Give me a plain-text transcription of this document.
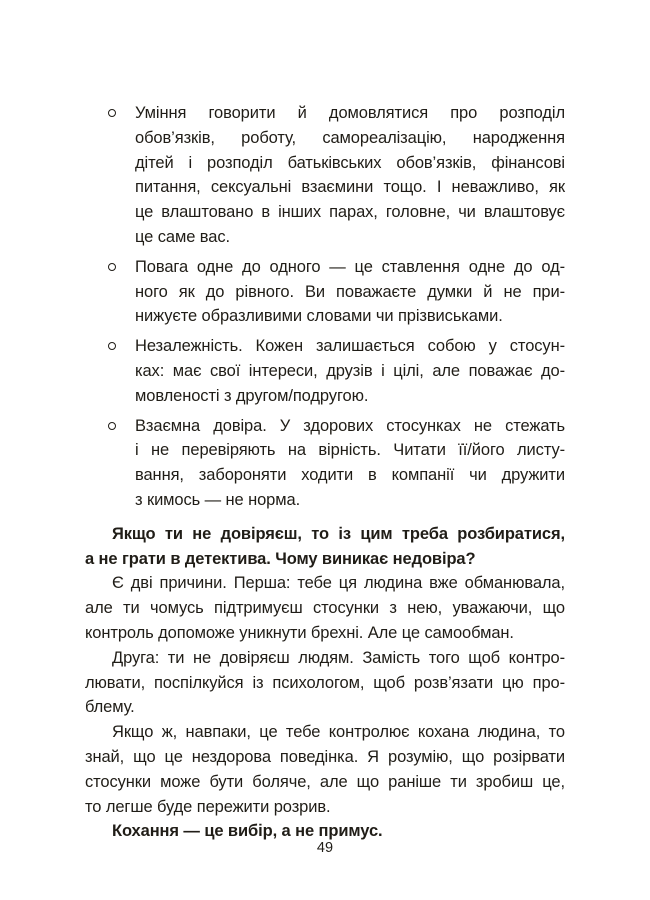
Уміння говорити й домовлятися про розподіл
обов’язків, роботу, самореалізацію, народження
дітей і розподіл батьківських обов’язків, фінансові
питання, сексуальні взаємини тощо. І неважливо, як
це влаштовано в інших парах, головне, чи влаштовує
це саме вас.
Повага одне до одного — це ставлення одне до од-
ного як до рівного. Ви поважаєте думки й не при-
нижуєте образливими словами чи прізвиськами.
Незалежність. Кожен залишається собою у стосун-
ках: має свої інтереси, друзів і цілі, але поважає до-
мовленості з другом/подругою.
Взаємна довіра. У здорових стосунках не стежать
і не перевіряють на вірність. Читати її/його листу-
вання, забороняти ходити в компанії чи дружити
з кимось — не норма.
Якщо ти не довіряєш, то із цим треба розбиратися,
а не грати в детектива. Чому виникає недовіра?
Є дві причини. Перша: тебе ця людина вже обманювала,
але ти чомусь підтримуєш стосунки з нею, уважаючи, що
контроль допоможе уникнути брехні. Але це самообман.
Друга: ти не довіряєш людям. Замість того щоб контро-
лювати, поспілкуйся із психологом, щоб розв’язати цю про-
блему.
Якщо ж, навпаки, це тебе контролює кохана людина, то
знай, що це нездорова поведінка. Я розумію, що розірвати
стосунки може бути боляче, але що раніше ти зробиш це,
то легше буде пережити розрив.
Кохання — це вибір, а не примус.
49
